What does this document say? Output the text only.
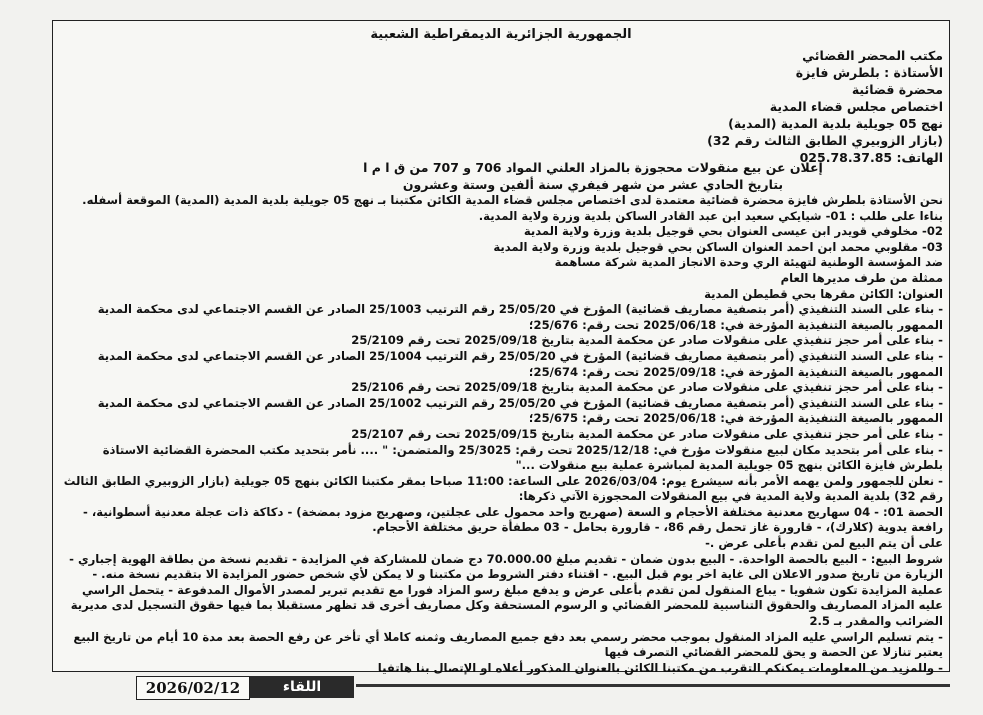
الجمهورية الجزائرية الديمقراطية الشعبية
مكتب المحضر القضائي
الأستاذة : بلطرش فايزة
محضرة قضائية
اختصاص مجلس قضاء المدية
نهج 05 جويلية بلدية المدية (المدية)
(بازار الزوبيري الطابق الثالث رقم 32)
الهاتف: 025.78.37.85
إعلان عن بيع منقولات محجوزة بالمزاد العلني المواد 706 و 707 من ق ا م ا
بتاريخ الحادي عشر من شهر فيفري سنة ألفين وستة وعشرون

نحن الأستاذة بلطرش فايزة محضرة قضائية معتمدة لدى اختصاص مجلس قضاء المدية الكائن مكتبنا بـ نهج 05 جويلية بلدية المدية (المدية) الموقعة أسفله.

بناءا على طلب : 01- شيايكي سعيد ابن عبد القادر الساكن بلدية وزرة ولاية المدية.

02- مخلوفي قويدر ابن عيسى العنوان بحي قوجيل بلدية وزرة ولاية المدية

03- مقلوبي محمد ابن احمد العنوان الساكن بحي قوجيل بلدية وزرة ولاية المدية

ضد المؤسسة الوطنية لتهيئة الري وحدة الانجاز المدية شركة مساهمة

ممثلة من طرف مديرها العام

العنوان: الكائن مقرها بحي قطيطن المدية

- بناء على السند التنفيذي (أمر بتصفية مصاريف قضائية) المؤرخ في 25/05/20 رقم الترتيب 25/1003 الصادر عن القسم الاجتماعي لدى محكمة المدية الممهور بالصيغة التنفيذية المؤرخة في: 2025/06/18 تحت رقم: 25/676؛

- بناء على أمر حجز تنفيذي على منقولات صادر عن محكمة المدية بتاريخ 2025/09/18 تحت رقم 25/2109

- بناء على السند التنفيذي (أمر بتصفية مصاريف قضائية) المؤرخ في 25/05/20 رقم الترتيب 25/1004 الصادر عن القسم الاجتماعي لدى محكمة المدية الممهور بالصيغة التنفيذية المؤرخة في: 2025/09/18 تحت رقم: 25/674؛

- بناء على أمر حجز تنفيذي على منقولات صادر عن محكمة المدية بتاريخ 2025/09/18 تحت رقم 25/2106

- بناء على السند التنفيذي (أمر بتصفية مصاريف قضائية) المؤرخ في 25/05/20 رقم الترتيب 25/1002 الصادر عن القسم الاجتماعي لدى محكمة المدية الممهور بالصيغة التنفيذية المؤرخة في: 2025/06/18 تحت رقم: 25/675؛

- بناء على أمر حجز تنفيذي على منقولات صادر عن محكمة المدية بتاريخ 2025/09/15 تحت رقم 25/2107

- بناء على أمر بتحديد مكان لبيع منقولات مؤرخ في: 2025/12/18 تحت رقم: 25/3025 والمتضمن: " .... نأمر بتحديد مكتب المحضرة القضائية الاستاذة بلطرش فايزة الكائن بنهج 05 جويلية المدية لمباشرة عملية بيع منقولات ..."

- نعلن للجمهور ولمن يهمه الأمر بأنه سيشرع يوم: 2026/03/04 على الساعة: 11:00 صباحا بمقر مكتبنا الكائن بنهج 05 جويلية (بازار الزوبيري الطابق الثالث رقم 32) بلدية المدية ولاية المدية في بيع المنقولات المحجوزة الآتي ذكرها:

الحصة 01: - 04 سهاريج معدنية مختلفة الأحجام و السعة (صهريج واحد محمول على عجلتين، وصهريج مزود بمضخة) - دكاكة ذات عجلة معدنية أسطوانية، - رافعة يدوية (كلارك)، - قارورة غاز تحمل رقم 86، - قارورة بحامل - 03 مطفأة حريق مختلفة الأحجام.

على أن يتم البيع لمن تقدم بأعلى عرض .-

شروط البيع: - البيع بالحصة الواحدة. - البيع بدون ضمان - تقديم مبلغ 70.000.00 دج ضمان للمشاركة في المزايدة - تقديم نسخة من بطاقة الهوية إجباري - الزيارة من تاريخ صدور الاعلان الى غاية اخر يوم قبل البيع. - اقتناء دفتر الشروط من مكتبنا و لا يمكن لأي شخص حضور المزايدة الا بتقديم نسخة منه. - عملية المزايدة تكون شفويا - يباع المنقول لمن تقدم بأعلى عرض و يدفع مبلغ رسو المزاد فورا مع تقديم تبرير لمصدر الأموال المدفوعة - يتحمل الراسي عليه المزاد المصاريف والحقوق التناسبية للمحضر القضائي و الرسوم المستحقة وكل مصاريف أخرى قد تظهر مستقبلا بما فيها حقوق التسجيل لدى مديرية الضرائب والمقدر بـ 2.5

- يتم تسليم الراسي عليه المزاد المنقول بموجب محضر رسمي بعد دفع جميع المصاريف وثمنه كاملا أي تأخر عن رفع الحصة بعد مدة 10 أيام من تاريخ البيع يعتبر تنازلا عن الحصة و يحق للمحضر القضائي التصرف فيها

- وللمزيد من المعلومات يمكنكم التقرب من مكتبنا الكائن بالعنوان المذكور أعلاه او الإتصال بنا هاتفيا

2026/02/12	اللقاء
